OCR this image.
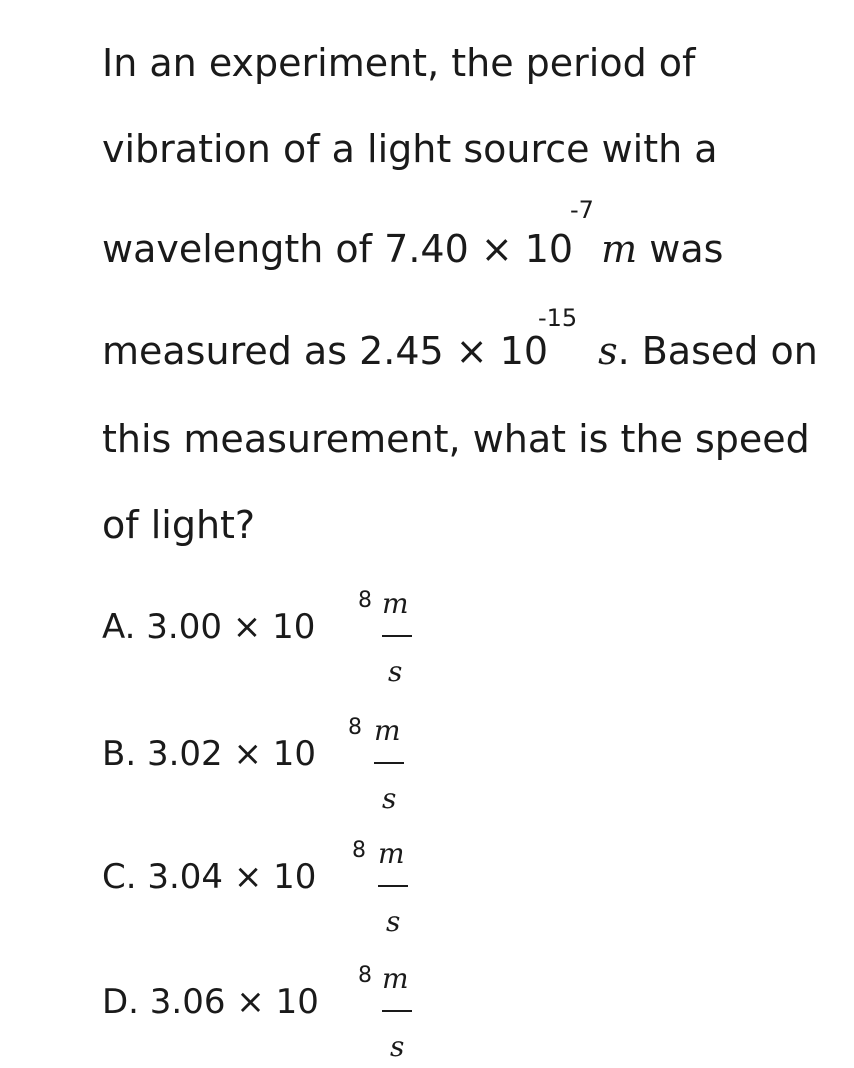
In an experiment, the period of
vibration of a light source with a
wavelength of 7.40 × 10 m was
-7
measured as 2.45 × 10 s. Based on
-15
this measurement, what is the speed
of light?
A. 3.00 × 10
8 m
s
B. 3.02 × 10
8 m
s
C. 3.04 × 10
8 m
s
D. 3.06 × 10
8 m
s
